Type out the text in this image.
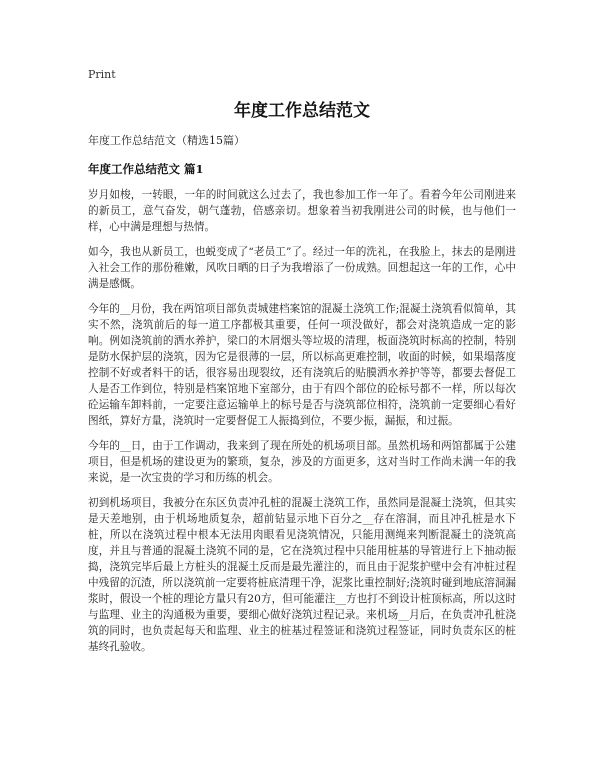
Print
年度工作总结范文
年度工作总结范文（精选15篇）
年度工作总结范文 篇1

岁月如梭，一转眼，一年的时间就这么过去了，我也参加工作一年了。看着今年公司刚进来的新员工，意气奋发，朝气蓬勃，倍感亲切。想象着当初我刚进公司的时候，也与他们一样，心中满是理想与热情。

如今，我也从新员工，也蜕变成了“老员工”了。经过一年的洗礼，在我脸上，抹去的是刚进入社会工作的那份稚嫩，风吹日晒的日子为我增添了一份成熟。回想起这一年的工作，心中满是感慨。

今年的__月份，我在两馆项目部负责城建档案馆的混凝土浇筑工作;混凝土浇筑看似简单，其实不然，浇筑前后的每一道工序都极其重要，任何一项没做好，都会对浇筑造成一定的影响。例如浇筑前的洒水养护，梁口的木屑烟头等垃圾的清理，板面浇筑时标高的控制，特别是防水保护层的浇筑，因为它是很薄的一层，所以标高更难控制，收面的时候，如果塌落度控制不好或者料干的话，很容易出现裂纹，还有浇筑后的贴膜洒水养护等等，都要去督促工人是否工作到位，特别是档案馆地下室部分，由于有四个部位的砼标号都不一样，所以每次砼运输车卸料前，一定要注意运输单上的标号是否与浇筑部位相符，浇筑前一定要细心看好图纸，算好方量，浇筑时一定要督促工人振捣到位，不要少振，漏振，和过振。

今年的__日，由于工作调动，我来到了现在所处的机场项目部。虽然机场和两馆都属于公建项目，但是机场的建设更为的繁琐，复杂，涉及的方面更多，这对当时工作尚未满一年的我来说，是一次宝贵的学习和历练的机会。

初到机场项目，我被分在东区负责冲孔桩的混凝土浇筑工作，虽然同是混凝土浇筑，但其实是天差地别，由于机场地质复杂，超前钻显示地下百分之__存在溶洞，而且冲孔桩是水下桩，所以在浇筑过程中根本无法用肉眼看见浇筑情况，只能用测绳来判断混凝土的浇筑高度，并且与普通的混凝土浇筑不同的是，它在浇筑过程中只能用桩基的导管进行上下抽动振捣，浇筑完毕后最上方桩头的混凝土反而是最先灌注的，而且由于泥浆护壁中会有冲桩过程中残留的沉渣，所以浇筑前一定要将桩底清理干净，泥浆比重控制好;浇筑时碰到地底溶洞漏浆时，假设一个桩的理论方量只有20方，但可能灌注__方也打不到设计桩顶标高，所以这时与监理、业主的沟通极为重要，要细心做好浇筑过程记录。来机场__月后，在负责冲孔桩浇筑的同时，也负责起每天和监理、业主的桩基过程签证和浇筑过程签证，同时负责东区的桩基终孔验收。
